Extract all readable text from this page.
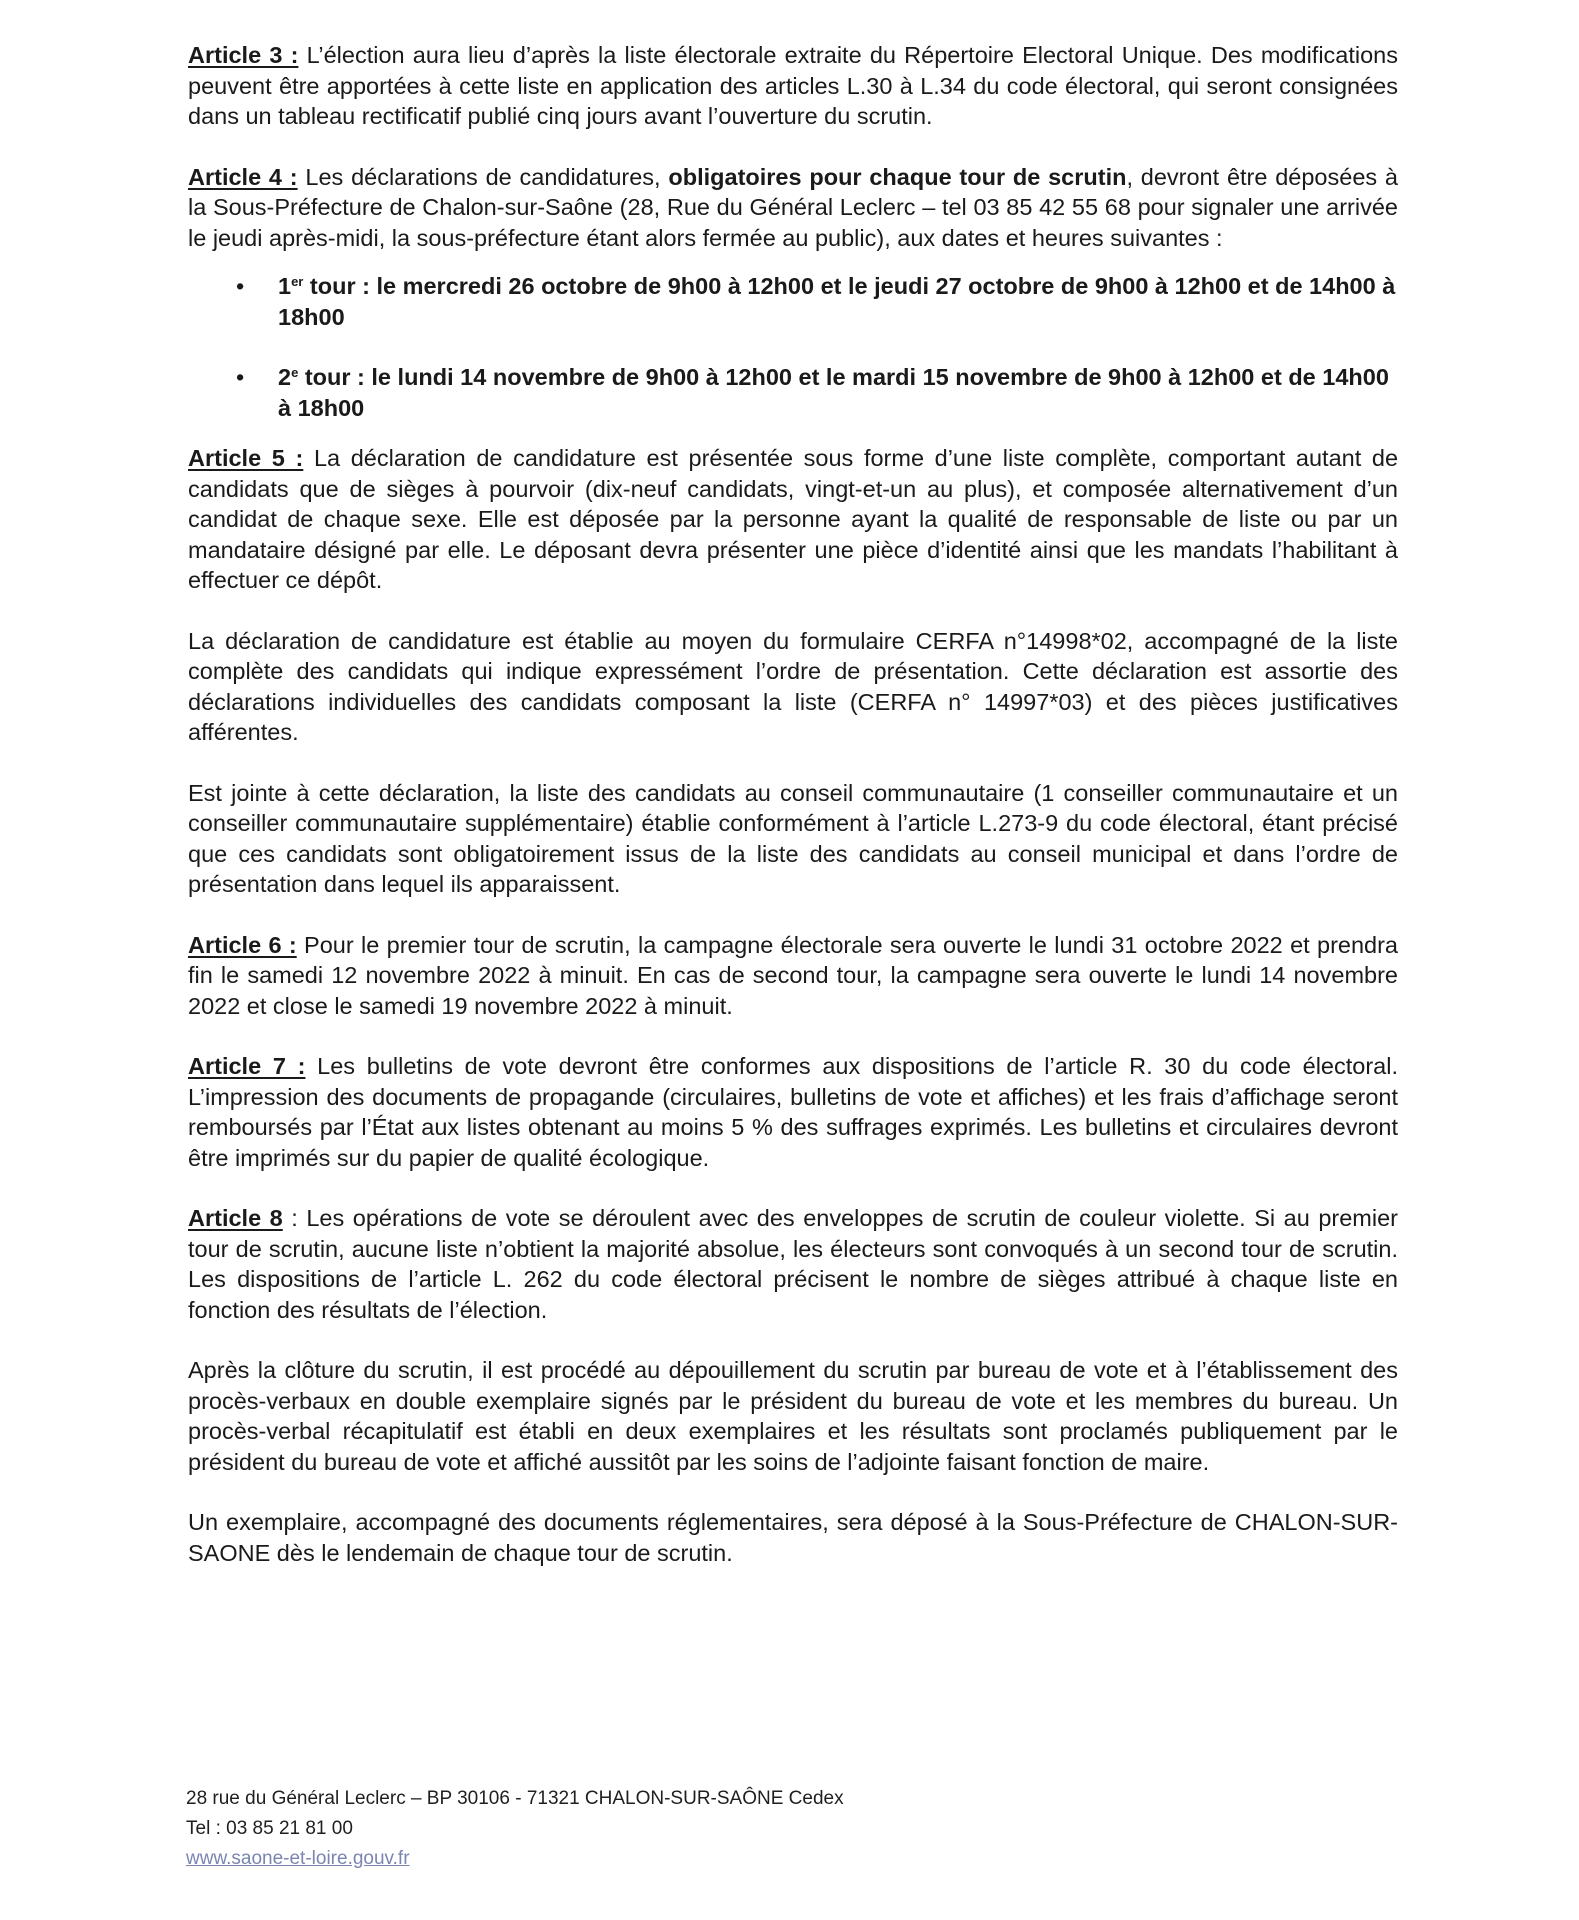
Article 3 : L’élection aura lieu d’après la liste électorale extraite du Répertoire Electoral Unique. Des modifications peuvent être apportées à cette liste en application des articles L.30 à L.34 du code électoral, qui seront consignées dans un tableau rectificatif publié cinq jours avant l’ouverture du scrutin.

Article 4 : Les déclarations de candidatures, obligatoires pour chaque tour de scrutin, devront être déposées à la Sous-Préfecture de Chalon-sur-Saône (28, Rue du Général Leclerc – tel 03 85 42 55 68 pour signaler une arrivée le jeudi après-midi, la sous-préfecture étant alors fermée au public), aux dates et heures suivantes :

• 1er tour : le mercredi 26 octobre de 9h00 à 12h00 et le jeudi 27 octobre de 9h00 à 12h00 et de 14h00 à 18h00
• 2e tour : le lundi 14 novembre de 9h00 à 12h00 et le mardi 15 novembre de 9h00 à 12h00 et de 14h00 à 18h00

Article 5 : La déclaration de candidature est présentée sous forme d’une liste complète, comportant autant de candidats que de sièges à pourvoir (dix-neuf candidats, vingt-et-un au plus), et composée alternativement d’un candidat de chaque sexe. Elle est déposée par la personne ayant la qualité de responsable de liste ou par un mandataire désigné par elle. Le déposant devra présenter une pièce d’identité ainsi que les mandats l’habilitant à effectuer ce dépôt.

La déclaration de candidature est établie au moyen du formulaire CERFA n°14998*02, accompagné de la liste complète des candidats qui indique expressément l’ordre de présentation. Cette déclaration est assortie des déclarations individuelles des candidats composant la liste (CERFA n° 14997*03) et des pièces justificatives afférentes.

Est jointe à cette déclaration, la liste des candidats au conseil communautaire (1 conseiller communautaire et un conseiller communautaire supplémentaire) établie conformément à l’article L.273-9 du code électoral, étant précisé que ces candidats sont obligatoirement issus de la liste des candidats au conseil municipal et dans l’ordre de présentation dans lequel ils apparaissent.

Article 6 : Pour le premier tour de scrutin, la campagne électorale sera ouverte le lundi 31 octobre 2022 et prendra fin le samedi 12 novembre 2022 à minuit. En cas de second tour, la campagne sera ouverte le lundi 14 novembre 2022 et close le samedi 19 novembre 2022 à minuit.

Article 7 : Les bulletins de vote devront être conformes aux dispositions de l’article R. 30 du code électoral. L’impression des documents de propagande (circulaires, bulletins de vote et affiches) et les frais d’affichage seront remboursés par l’État aux listes obtenant au moins 5 % des suffrages exprimés. Les bulletins et circulaires devront être imprimés sur du papier de qualité écologique.

Article 8 : Les opérations de vote se déroulent avec des enveloppes de scrutin de couleur violette. Si au premier tour de scrutin, aucune liste n’obtient la majorité absolue, les électeurs sont convoqués à un second tour de scrutin. Les dispositions de l’article L. 262 du code électoral précisent le nombre de sièges attribué à chaque liste en fonction des résultats de l’élection.

Après la clôture du scrutin, il est procédé au dépouillement du scrutin par bureau de vote et à l’établissement des procès-verbaux en double exemplaire signés par le président du bureau de vote et les membres du bureau. Un procès-verbal récapitulatif est établi en deux exemplaires et les résultats sont proclamés publiquement par le président du bureau de vote et affiché aussitôt par les soins de l’adjointe faisant fonction de maire.

Un exemplaire, accompagné des documents réglementaires, sera déposé à la Sous-Préfecture de CHALON-SUR-SAONE dès le lendemain de chaque tour de scrutin.

28 rue du Général Leclerc – BP 30106 - 71321 CHALON-SUR-SAÔNE Cedex
Tel : 03 85 21 81 00
www.saone-et-loire.gouv.fr
